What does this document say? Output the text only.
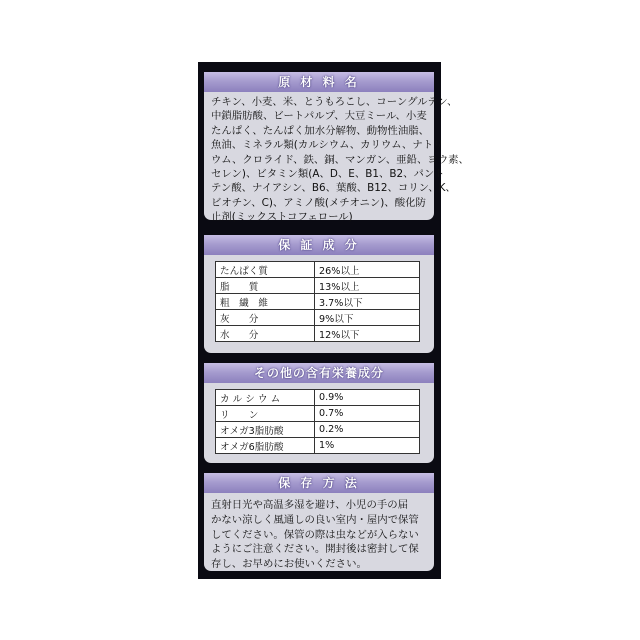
原 材 料 名
チキン、小麦、米、とうもろこし、コーングルテン、
中鎖脂肪酸、ビートパルプ、大豆ミール、小麦
たんぱく、たんぱく加水分解物、動物性油脂、
魚油、ミネラル類(カルシウム、カリウム、ナトリ
ウム、クロライド、鉄、銅、マンガン、亜鉛、ヨウ素、
セレン)、ビタミン類(A、D、E、B1、B2、パント
テン酸、ナイアシン、B6、葉酸、B12、コリン、K、
ビオチン、C)、アミノ酸(メチオニン)、酸化防
止剤(ミックストコフェロール)
保 証 成 分
たんぱく質	26%以上
脂　　質	13%以上
粗　繊　維	3.7%以下
灰　　分	9%以下
水　　分	12%以下
その他の含有栄養成分
カ ル シ ウ ム	0.9%
リ　　ン	0.7%
オメガ3脂肪酸	0.2%
オメガ6脂肪酸	1%
保 存 方 法
直射日光や高温多湿を避け、小児の手の届
かない涼しく風通しの良い室内・屋内で保管
してください。保管の際は虫などが入らない
ようにご注意ください。開封後は密封して保
存し、お早めにお使いください。
